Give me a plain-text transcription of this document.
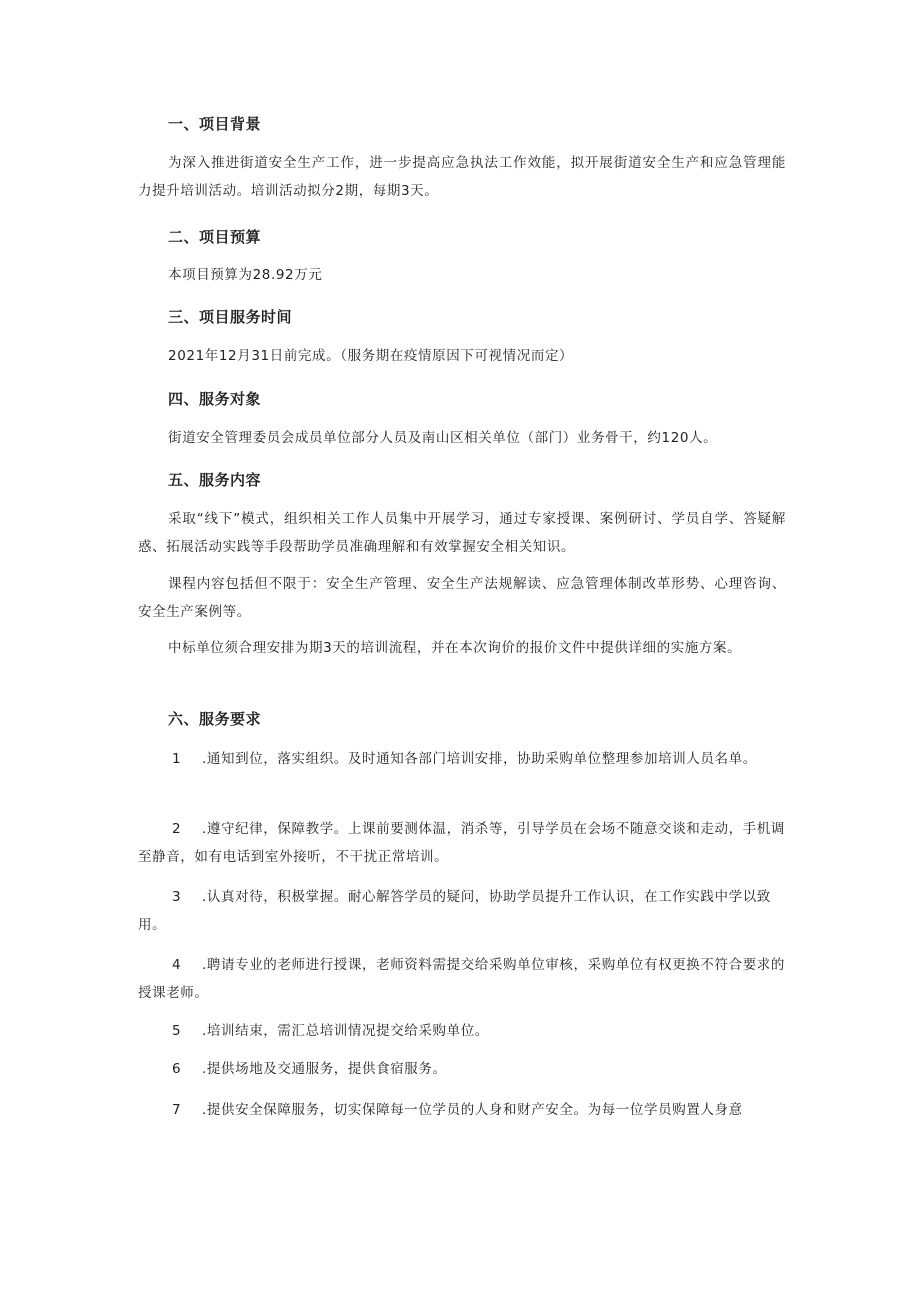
一、项目背景

为深入推进街道安全生产工作，进一步提高应急执法工作效能，拟开展街道安全生产和应急管理能力提升培训活动。培训活动拟分2期，每期3天。

二、项目预算

本项目预算为28.92万元

三、项目服务时间

2021年12月31日前完成。（服务期在疫情原因下可视情况而定）

四、服务对象

街道安全管理委员会成员单位部分人员及南山区相关单位（部门）业务骨干，约120人。

五、服务内容

采取“线下”模式，组织相关工作人员集中开展学习，通过专家授课、案例研讨、学员自学、答疑解惑、拓展活动实践等手段帮助学员准确理解和有效掌握安全相关知识。

课程内容包括但不限于：安全生产管理、安全生产法规解读、应急管理体制改革形势、心理咨询、安全生产案例等。

中标单位须合理安排为期3天的培训流程，并在本次询价的报价文件中提供详细的实施方案。

六、服务要求

1 .通知到位，落实组织。及时通知各部门培训安排，协助采购单位整理参加培训人员名单。

2 .遵守纪律，保障教学。上课前要测体温，消杀等，引导学员在会场不随意交谈和走动，手机调至静音，如有电话到室外接听，不干扰正常培训。

3 .认真对待，积极掌握。耐心解答学员的疑问，协助学员提升工作认识，在工作实践中学以致用。

4 .聘请专业的老师进行授课，老师资料需提交给采购单位审核，采购单位有权更换不符合要求的授课老师。

5 .培训结束，需汇总培训情况提交给采购单位。

6 .提供场地及交通服务，提供食宿服务。

7 .提供安全保障服务，切实保障每一位学员的人身和财产安全。为每一位学员购置人身意
